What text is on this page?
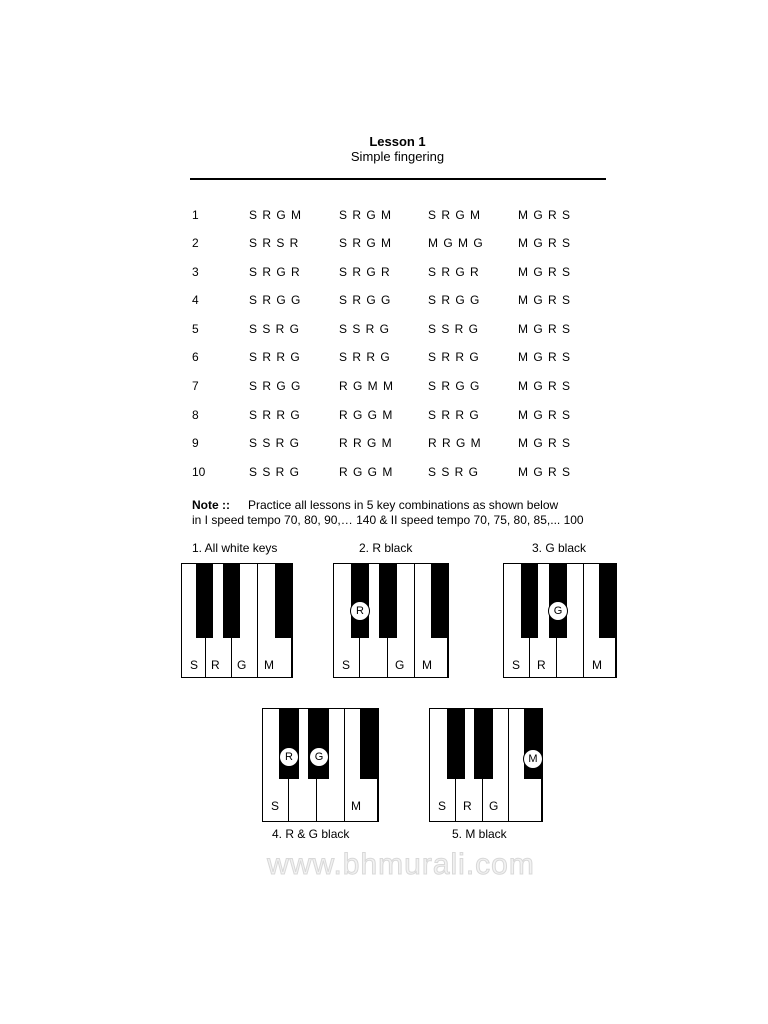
Lesson 1
Simple fingering
1	S R G M	S R G M	S R G M	M G R S
2	S R S R	S R G M	M G M G	M G R S
3	S R G R	S R G R	S R G R	M G R S
4	S R G G	S R G G	S R G G	M G R S
5	S S R G	S S R G	S S R G	M G R S
6	S R R G	S R R G	S R R G	M G R S
7	S R G G	R G M M	S R G G	M G R S
8	S R R G	R G G M	S R R G	M G R S
9	S S R G	R R G M	R R G M	M G R S
10	S S R G	R G G M	S S R G	M G R S
Note :: Practice all lessons in 5 key combinations as shown below
in I speed tempo 70, 80, 90,… 140 & II speed tempo 70, 75, 80, 85,... 100
1. All white keys
S R G M
2. R black
R
S	G M
3. G black
G
S R	M
R	G
S	M
4. R & G black
M
S R G
5. M black
www.bhmurali.com
